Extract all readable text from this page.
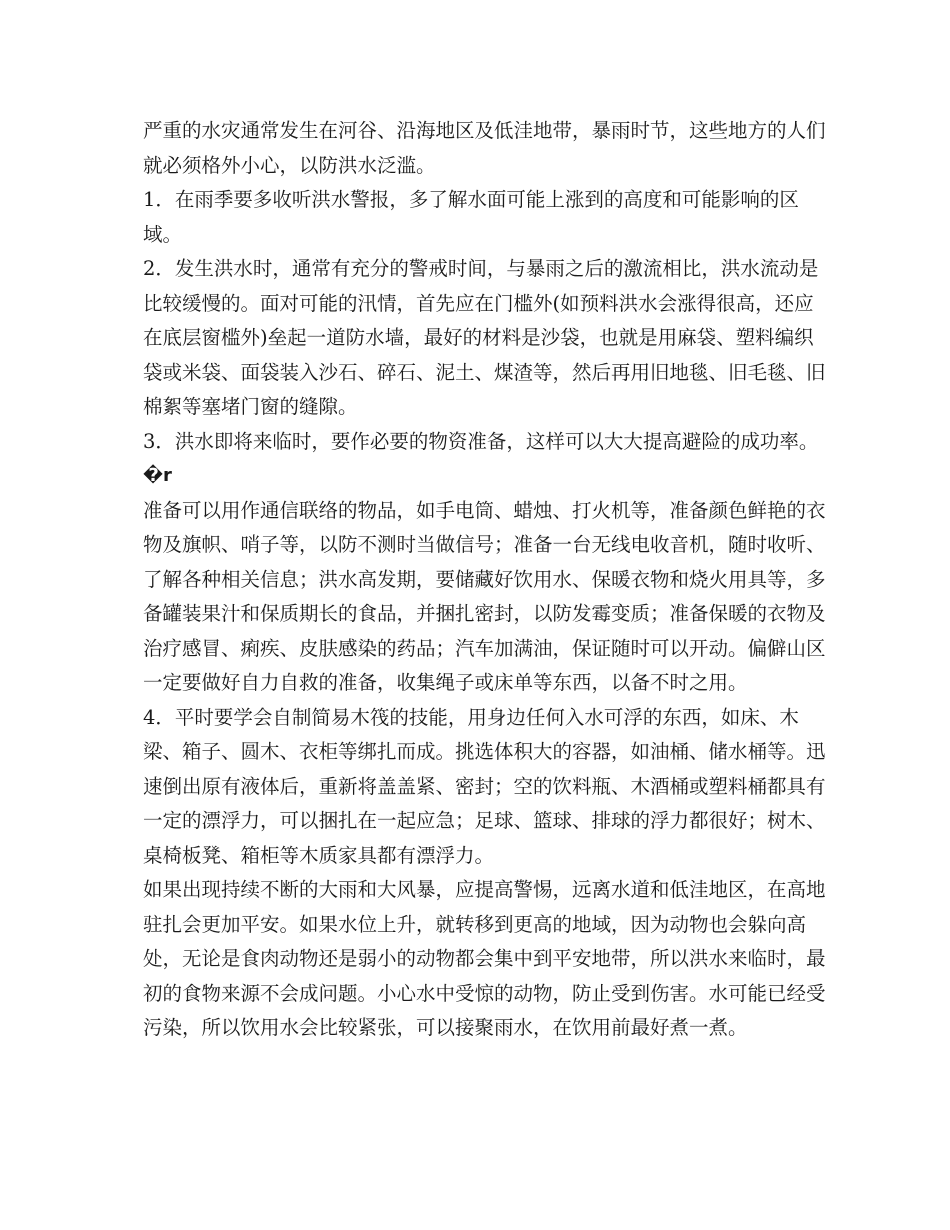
严重的水灾通常发生在河谷、沿海地区及低洼地带，暴雨时节，这些地方的人们
就必须格外小心，以防洪水泛滥。
1．在雨季要多收听洪水警报，多了解水面可能上涨到的高度和可能影响的区
域。
2．发生洪水时，通常有充分的警戒时间，与暴雨之后的激流相比，洪水流动是
比较缓慢的。面对可能的汛情，首先应在门槛外(如预料洪水会涨得很高，还应
在底层窗槛外)垒起一道防水墙，最好的材料是沙袋，也就是用麻袋、塑料编织
袋或米袋、面袋装入沙石、碎石、泥土、煤渣等，然后再用旧地毯、旧毛毯、旧
棉絮等塞堵门窗的缝隙。
3．洪水即将来临时，要作必要的物资准备，这样可以大大提高避险的成功率。
�r
准备可以用作通信联络的物品，如手电筒、蜡烛、打火机等，准备颜色鲜艳的衣
物及旗帜、哨子等，以防不测时当做信号；准备一台无线电收音机，随时收听、
了解各种相关信息；洪水高发期，要储藏好饮用水、保暖衣物和烧火用具等，多
备罐装果汁和保质期长的食品，并捆扎密封，以防发霉变质；准备保暖的衣物及
治疗感冒、痢疾、皮肤感染的药品；汽车加满油，保证随时可以开动。偏僻山区
一定要做好自力自救的准备，收集绳子或床单等东西，以备不时之用。
4．平时要学会自制简易木筏的技能，用身边任何入水可浮的东西，如床、木
梁、箱子、圆木、衣柜等绑扎而成。挑选体积大的容器，如油桶、储水桶等。迅
速倒出原有液体后，重新将盖盖紧、密封；空的饮料瓶、木酒桶或塑料桶都具有
一定的漂浮力，可以捆扎在一起应急；足球、篮球、排球的浮力都很好；树木、
桌椅板凳、箱柜等木质家具都有漂浮力。
如果出现持续不断的大雨和大风暴，应提高警惕，远离水道和低洼地区，在高地
驻扎会更加平安。如果水位上升，就转移到更高的地域，因为动物也会躲向高
处，无论是食肉动物还是弱小的动物都会集中到平安地带，所以洪水来临时，最
初的食物来源不会成问题。小心水中受惊的动物，防止受到伤害。水可能已经受
污染，所以饮用水会比较紧张，可以接聚雨水，在饮用前最好煮一煮。
